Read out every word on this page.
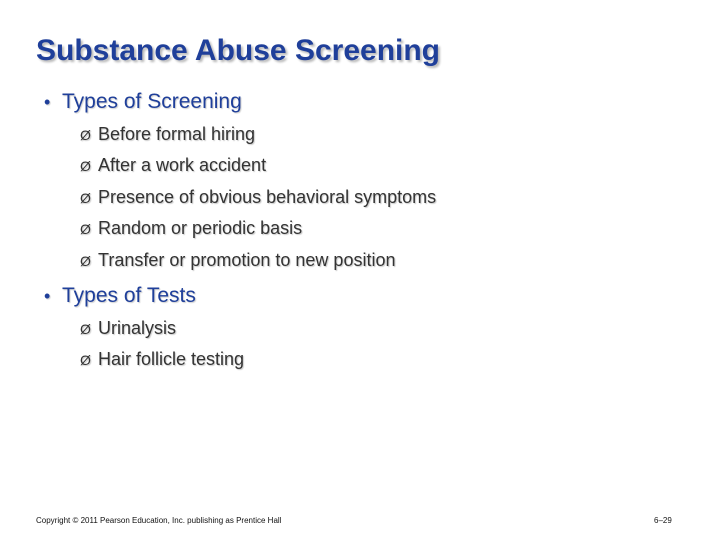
Substance Abuse Screening
• Types of Screening
Ø Before formal hiring
Ø After a work accident
Ø Presence of obvious behavioral symptoms
Ø Random or periodic basis
Ø Transfer or promotion to new position
• Types of Tests
Ø Urinalysis
Ø Hair follicle testing
Copyright © 2011 Pearson Education, Inc. publishing as Prentice Hall	6–29
